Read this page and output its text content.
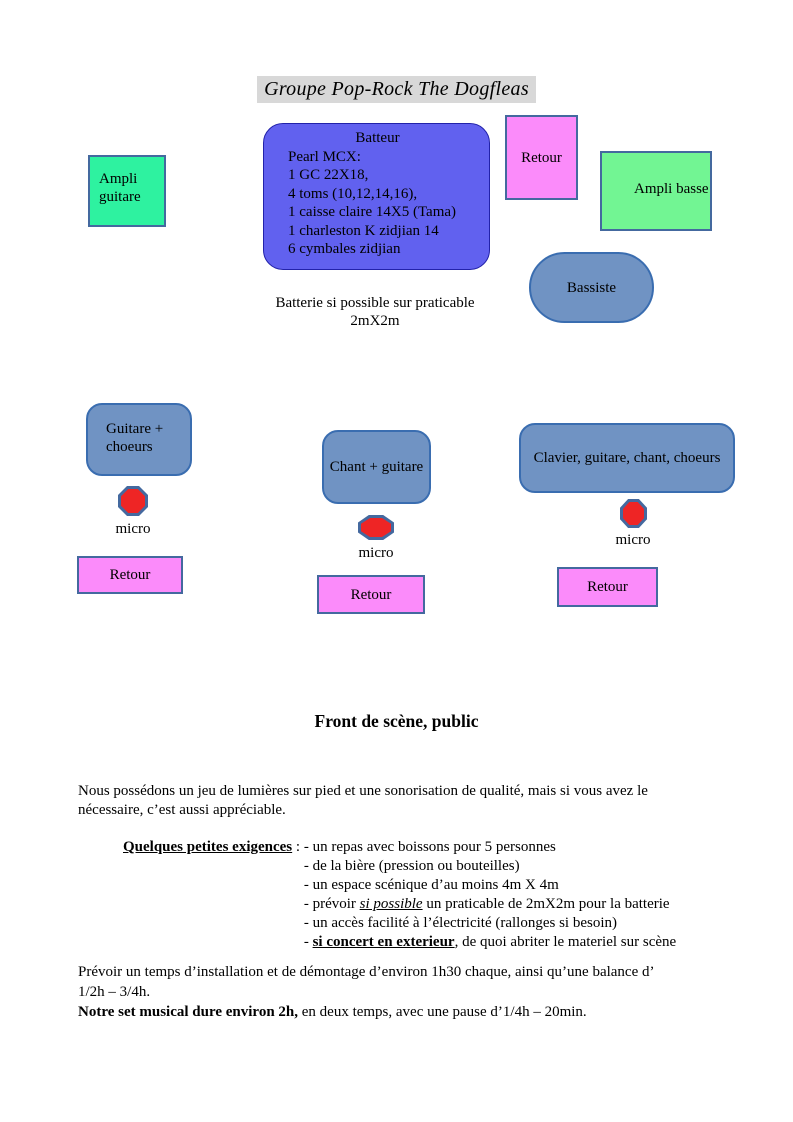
Groupe Pop-Rock The Dogfleas
Ampli guitare
Batteur
Pearl MCX:
1 GC 22X18,
4 toms (10,12,14,16),
1 caisse claire 14X5 (Tama)
1 charleston K zidjian 14
6 cymbales zidjian
Retour
Ampli basse
Bassiste
Batterie si possible sur praticable 2mX2m
Guitare + choeurs
micro
Retour
Chant + guitare
micro
Retour
Clavier, guitare, chant, choeurs
micro
Retour
Front de scène, public

Nous possédons un jeu de lumières sur pied et une sonorisation de qualité, mais si vous avez le
nécessaire, c’est aussi appréciable.

Quelques petites exigences : - un repas avec boissons pour 5 personnes
- de la bière (pression ou bouteilles)
- un espace scénique d’au moins 4m X 4m
- prévoir si possible un praticable de 2mX2m pour la batterie
- un accès facilité à l’électricité (rallonges si besoin)
- si concert en exterieur, de quoi abriter le materiel sur scène

Prévoir un temps d’installation et de démontage d’environ 1h30 chaque, ainsi qu’une balance d’
1/2h – 3/4h.
Notre set musical dure environ 2h, en deux temps, avec une pause d’1/4h – 20min.
